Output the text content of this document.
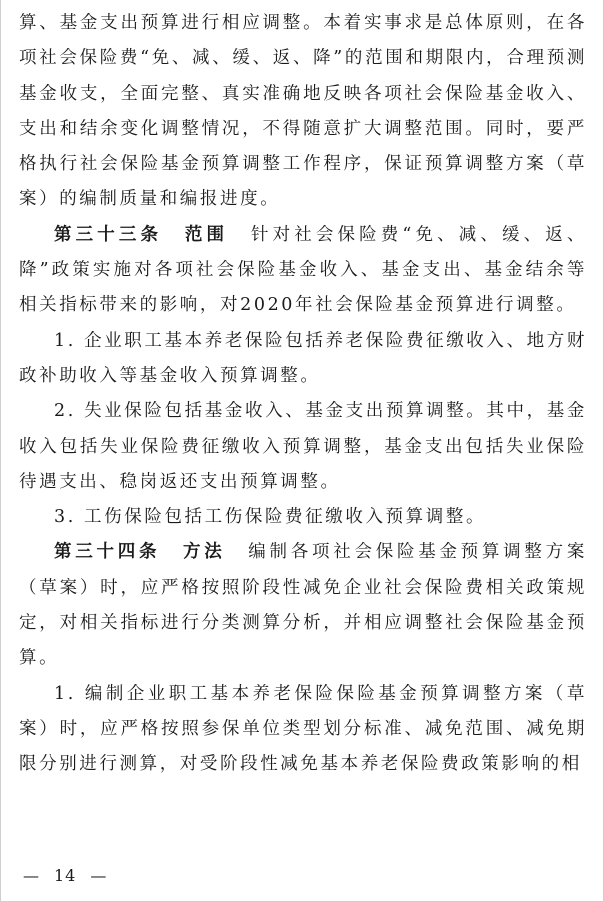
算、基金支出预算进行相应调整。本着实事求是总体原则，在各项社会保险费“免、减、缓、返、降”的范围和期限内，合理预测基金收支，全面完整、真实准确地反映各项社会保险基金收入、支出和结余变化调整情况，不得随意扩大调整范围。同时，要严格执行社会保险基金预算调整工作程序，保证预算调整方案（草案）的编制质量和编报进度。

第三十三条 范围 针对社会保险费“免、减、缓、返、降”政策实施对各项社会保险基金收入、基金支出、基金结余等相关指标带来的影响，对2020年社会保险基金预算进行调整。

1. 企业职工基本养老保险包括养老保险费征缴收入、地方财政补助收入等基金收入预算调整。

2. 失业保险包括基金收入、基金支出预算调整。其中，基金收入包括失业保险费征缴收入预算调整，基金支出包括失业保险待遇支出、稳岗返还支出预算调整。

3. 工伤保险包括工伤保险费征缴收入预算调整。

第三十四条 方法 编制各项社会保险基金预算调整方案（草案）时，应严格按照阶段性减免企业社会保险费相关政策规定，对相关指标进行分类测算分析，并相应调整社会保险基金预算。

1. 编制企业职工基本养老保险保险基金预算调整方案（草案）时，应严格按照参保单位类型划分标准、减免范围、减免期限分别进行测算，对受阶段性减免基本养老保险费政策影响的相

— 14 —
